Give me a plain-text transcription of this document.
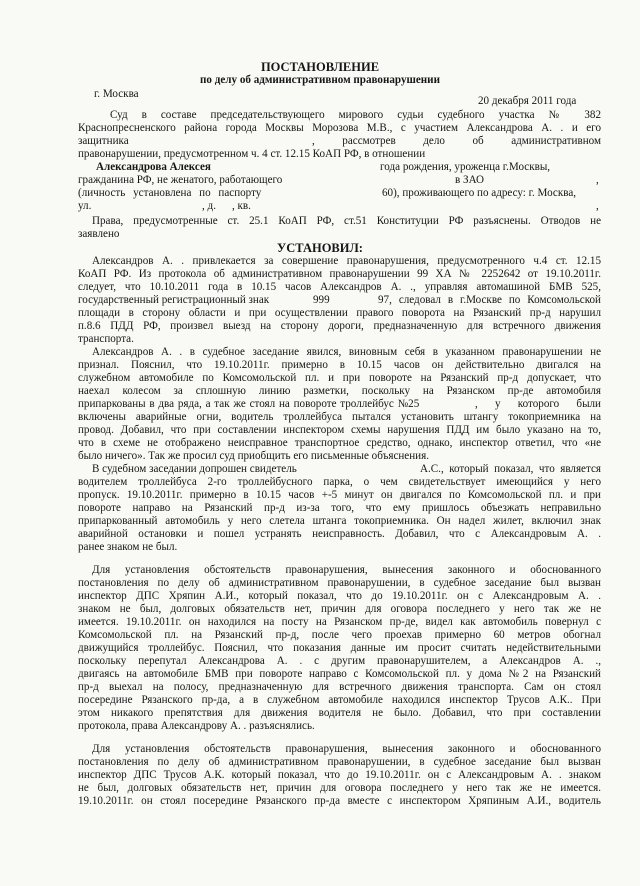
ПОСТАНОВЛЕНИЕ
по делу об административном правонарушении
г. Москва
20 декабря 2011 года
Суд в составе председательствующего мирового судьи судебного участка № 382
Краснопресненского района города Москвы Морозова М.В., с участием Александрова А. . и его
защитника	, рассмотрев дело об административном
правонарушении, предусмотренном ч. 4 ст. 12.15 КоАП РФ, в отношении
Александрова Алексея	года рождения, уроженца г.Москвы,
гражданина РФ, не женатого, работающего	в ЗАО	,
(личность установлена по паспорту	60), проживающего по адресу: г. Москва,
ул.	, д. , кв.	,
Права, предусмотренные ст. 25.1 КоАП РФ, ст.51 Конституции РФ разъяснены. Отводов не
заявлено
УСТАНОВИЛ:
Александров А. . привлекается за совершение правонарушения, предусмотренного ч.4 ст. 12.15
КоАП РФ. Из протокола об административном правонарушении 99 ХА № 2252642 от 19.10.2011г.
следует, что 10.10.2011 года в 10.15 часов Александров А. ., управляя автомашиной БМВ 525,
государственный регистрационный знак	999	97, следовал в г.Москве по Комсомольской
площади в сторону области и при осуществлении правого поворота на Рязанский пр-д нарушил
п.8.6 ПДД РФ, произвел выезд на сторону дороги, предназначенную для встречного движения
транспорта.
Александров А. . в судебное заседание явился, виновным себя в указанном правонарушении не
признал. Пояснил, что 19.10.2011г. примерно в 10.15 часов он действительно двигался на
служебном автомобиле по Комсомольской пл. и при повороте на Рязанский пр-д допускает, что
наехал колесом за сплошную линию разметки, поскольку на Рязанском пр-де автомобиля
припаркованы в два ряда, а так же стоял на повороте троллейбус №25	, у которого были
включены аварийные огни, водитель троллейбуса пытался установить штангу токоприемника на
провод. Добавил, что при составлении инспектором схемы нарушения ПДД им было указано на то,
что в схеме не отображено неисправное транспортное средство, однако, инспектор ответил, что «не
было ничего». Так же просил суд приобщить его письменные объяснения.
В судебном заседании допрошен свидетель	А.С., который показал, что является
водителем троллейбуса 2-го троллейбусного парка, о чем свидетельствует имеющийся у него
пропуск. 19.10.2011г. примерно в 10.15 часов +-5 минут он двигался по Комсомольской пл. и при
повороте направо на Рязанский пр-д из-за того, что ему пришлось объезжать неправильно
припаркованный автомобиль у него слетела штанга токоприемника. Он надел жилет, включил знак
аварийной остановки и пошел устранять неисправность. Добавил, что с Александровым А. .
ранее знаком не был.
Для установления обстоятельств правонарушения, вынесения законного и обоснованного
постановления по делу об административном правонарушении, в судебное заседание был вызван
инспектор ДПС Хряпин А.И., который показал, что до 19.10.2011г. он с Александровым А. .
знаком не был, долговых обязательств нет, причин для оговора последнего у него так же не
имеется. 19.10.2011г. он находился на посту на Рязанском пр-де, видел как автомобиль повернул с
Комсомольской пл. на Рязанский пр-д, после чего проехав примерно 60 метров обогнал
движущийся троллейбус. Пояснил, что показания данные им просит считать недействительными
поскольку перепутал Александрова А. . с другим правонарушителем, а Александров А. .,
двигаясь на автомобиле БМВ при повороте направо с Комсомольской пл. у дома №2 на Рязанский
пр-д выехал на полосу, предназначенную для встречного движения транспорта. Сам он стоял
посередине Рязанского пр-да, а в служебном автомобиле находился инспектор Трусов А.К.. При
этом никакого препятствия для движения водителя не было. Добавил, что при составлении
протокола, права Александрову А. . разъяснялись.
Для установления обстоятельств правонарушения, вынесения законного и обоснованного
постановления по делу об административном правонарушении, в судебное заседание был вызван
инспектор ДПС Трусов А.К. который показал, что до 19.10.2011г. он с Александровым А. . знаком
не был, долговых обязательств нет, причин для оговора последнего у него так же не имеется.
19.10.2011г. он стоял посередине Рязанского пр-да вместе с инспектором Хряпиным А.И., водитель
